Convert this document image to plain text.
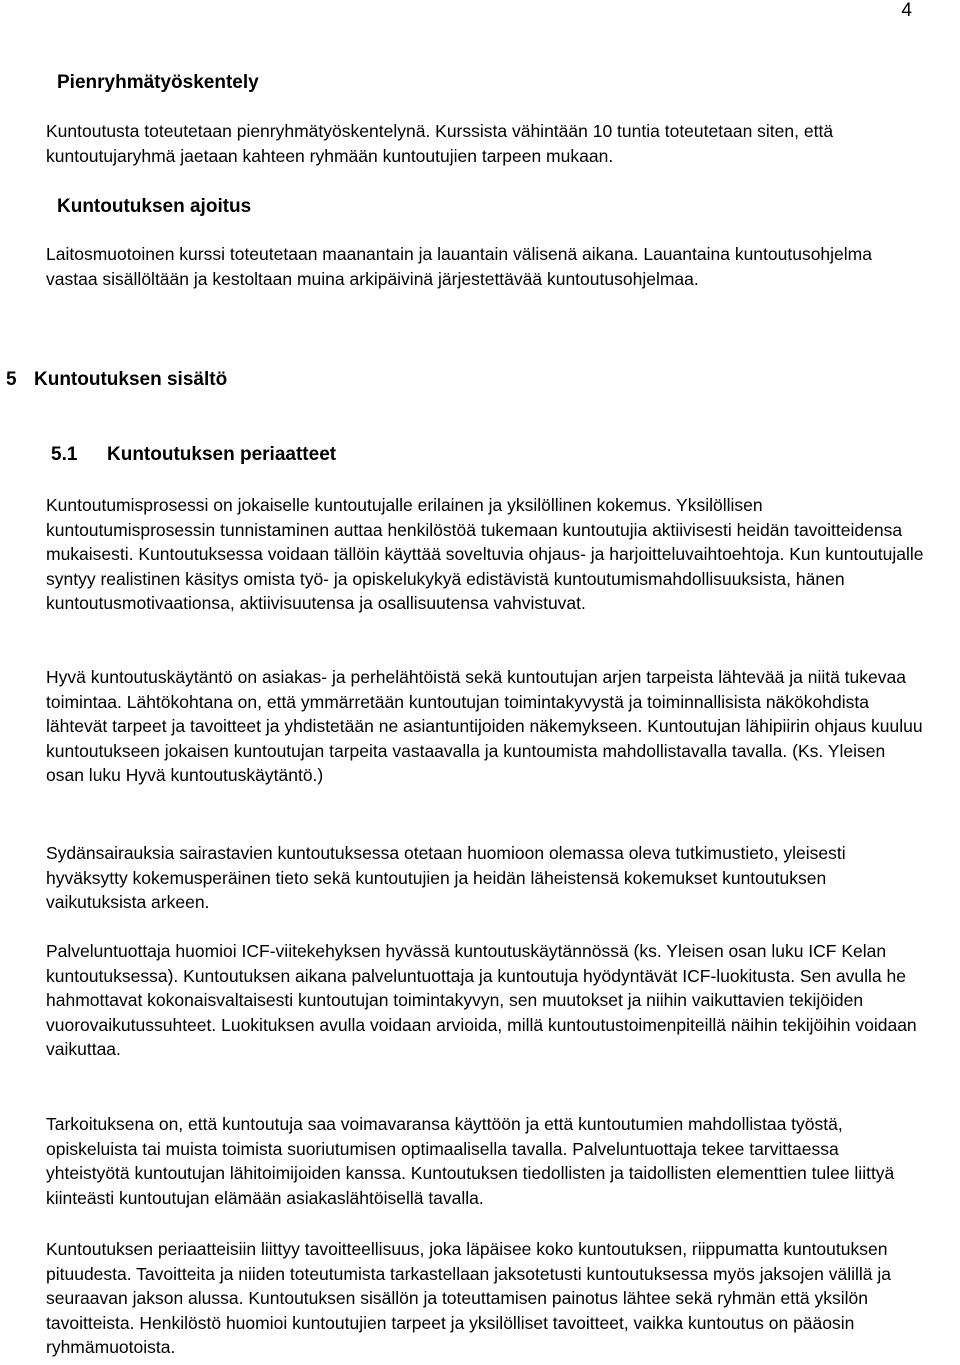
4
Pienryhmätyöskentely

Kuntoutusta toteutetaan pienryhmätyöskentelynä. Kurssista vähintään 10 tuntia toteutetaan siten, että kuntoutujaryhmä jaetaan kahteen ryhmään kuntoutujien tarpeen mukaan.

Kuntoutuksen ajoitus

Laitosmuotoinen kurssi toteutetaan maanantain ja lauantain välisenä aikana. Lauantaina kuntoutusohjelma vastaa sisällöltään ja kestoltaan muina arkipäivinä järjestettävää kuntoutusohjelmaa.

5 Kuntoutuksen sisältö
5.1 Kuntoutuksen periaatteet

Kuntoutumisprosessi on jokaiselle kuntoutujalle erilainen ja yksilöllinen kokemus. Yksilöllisen kuntoutumisprosessin tunnistaminen auttaa henkilöstöä tukemaan kuntoutujia aktiivisesti heidän tavoitteidensa mukaisesti. Kuntoutuksessa voidaan tällöin käyttää soveltuvia ohjaus- ja harjoitteluvaihtoehtoja. Kun kuntoutujalle syntyy realistinen käsitys omista työ- ja opiskelukykyä edistävistä kuntoutumismahdollisuuksista, hänen kuntoutusmotivaationsa, aktiivisuutensa ja osallisuutensa vahvistuvat.

Hyvä kuntoutuskäytäntö on asiakas- ja perhelähtöistä sekä kuntoutujan arjen tarpeista lähtevää ja niitä tukevaa toimintaa. Lähtökohtana on, että ymmärretään kuntoutujan toimintakyvystä ja toiminnallisista näkökohdista lähtevät tarpeet ja tavoitteet ja yhdistetään ne asiantuntijoiden näkemykseen. Kuntoutujan lähipiirin ohjaus kuuluu kuntoutukseen jokaisen kuntoutujan tarpeita vastaavalla ja kuntoumista mahdollistavalla tavalla. (Ks. Yleisen osan luku Hyvä kuntoutuskäytäntö.)

Sydänsairauksia sairastavien kuntoutuksessa otetaan huomioon olemassa oleva tutkimustieto, yleisesti hyväksytty kokemusperäinen tieto sekä kuntoutujien ja heidän läheistensä kokemukset kuntoutuksen vaikutuksista arkeen.

Palveluntuottaja huomioi ICF-viitekehyksen hyvässä kuntoutuskäytännössä (ks. Yleisen osan luku ICF Kelan kuntoutuksessa). Kuntoutuksen aikana palveluntuottaja ja kuntoutuja hyödyntävät ICF-luokitusta. Sen avulla he hahmottavat kokonaisvaltaisesti kuntoutujan toimintakyvyn, sen muutokset ja niihin vaikuttavien tekijöiden vuorovaikutussuhteet. Luokituksen avulla voidaan arvioida, millä kuntoutustoimenpiteillä näihin tekijöihin voidaan vaikuttaa.

Tarkoituksena on, että kuntoutuja saa voimavaransa käyttöön ja että kuntoutumien mahdollistaa työstä, opiskeluista tai muista toimista suoriutumisen optimaalisella tavalla. Palveluntuottaja tekee tarvittaessa yhteistyötä kuntoutujan lähitoimijoiden kanssa. Kuntoutuksen tiedollisten ja taidollisten elementtien tulee liittyä kiinteästi kuntoutujan elämään asiakaslähtöisellä tavalla.

Kuntoutuksen periaatteisiin liittyy tavoitteellisuus, joka läpäisee koko kuntoutuksen, riippumatta kuntoutuksen pituudesta. Tavoitteita ja niiden toteutumista tarkastellaan jaksotetusti kuntoutuksessa myös jaksojen välillä ja seuraavan jakson alussa. Kuntoutuksen sisällön ja toteuttamisen painotus lähtee sekä ryhmän että yksilön tavoitteista. Henkilöstö huomioi kuntoutujien tarpeet ja yksilölliset tavoitteet, vaikka kuntoutus on pääosin ryhmämuotoista.
